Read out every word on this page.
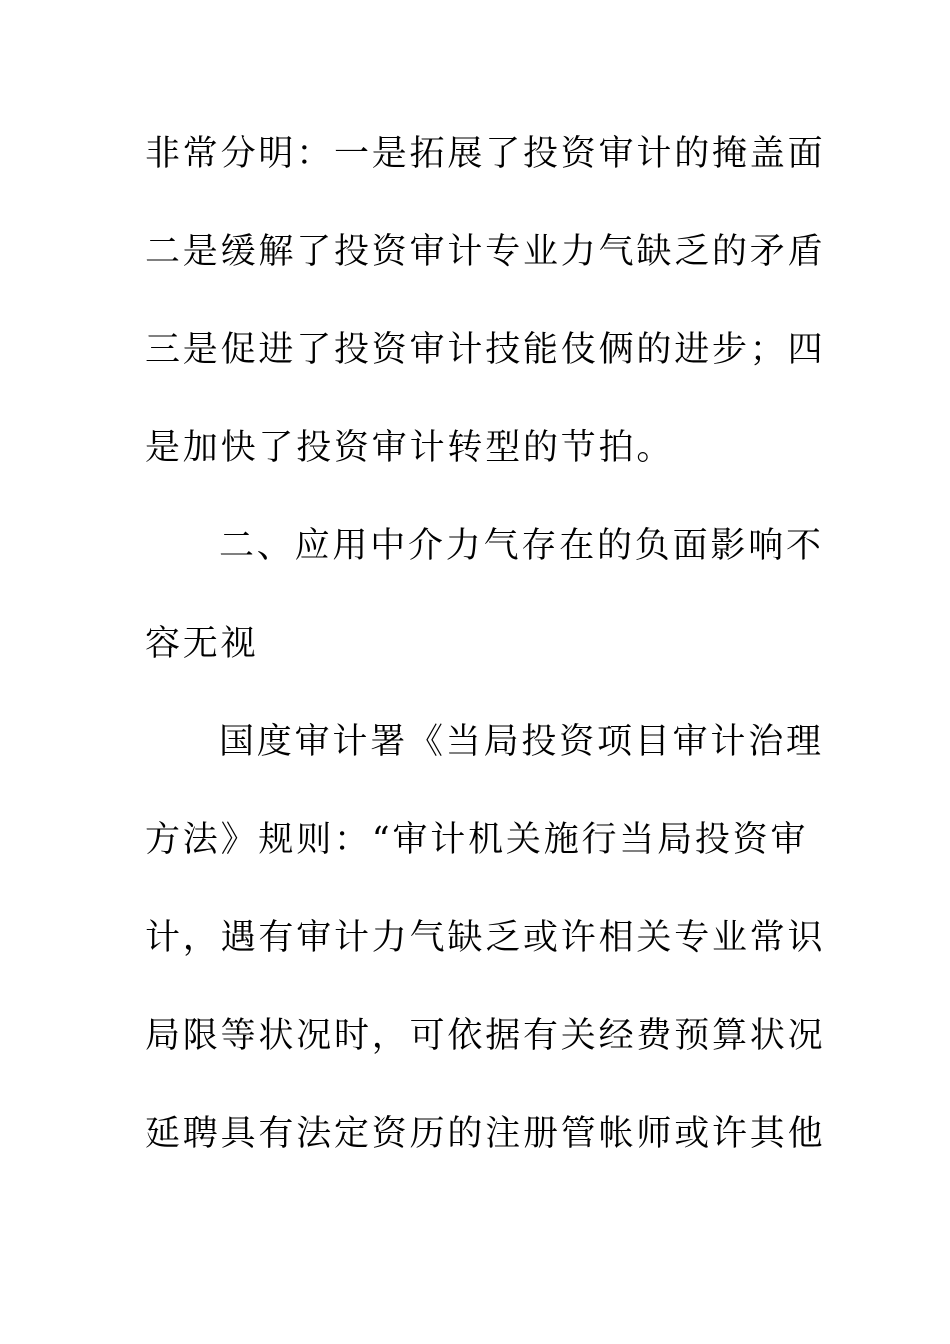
非常分明：一是拓展了投资审计的掩盖面
二是缓解了投资审计专业力气缺乏的矛盾
三是促进了投资审计技能伎俩的进步；四
是加快了投资审计转型的节拍。
二、应用中介力气存在的负面影响不
容无视
国度审计署《当局投资项目审计治理
方法》规则：“审计机关施行当局投资审
计，遇有审计力气缺乏或许相关专业常识
局限等状况时，可依据有关经费预算状况
延聘具有法定资历的注册管帐师或许其他
